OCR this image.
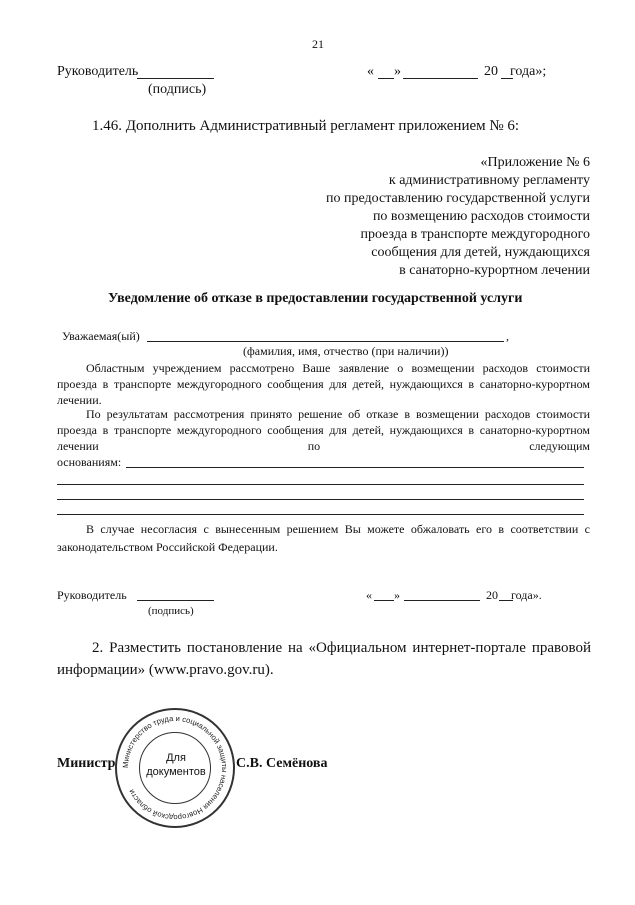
21
Руководитель
(подпись)
« »	20 года»;
1.46. Дополнить Административный регламент приложением № 6:
«Приложение № 6
к административному регламенту
по предоставлению государственной услуги
по возмещению расходов стоимости
проезда в транспорте междугородного
сообщения для детей, нуждающихся
в санаторно-курортном лечении
Уведомление об отказе в предоставлении государственной услуги
Уважаемая(ый)	,
(фамилия, имя, отчество (при наличии))
Областным учреждением рассмотрено Ваше заявление о возмещении расходов стоимости проезда в транспорте междугородного сообщения для детей, нуждающихся в санаторно-курортном лечении.
По результатам рассмотрения принято решение об отказе в возмещении расходов стоимости проезда в транспорте междугородного сообщения для детей, нуждающихся в санаторно-курортном лечении по следующим
основаниям:
В случае несогласия с вынесенным решением Вы можете обжаловать его в соответствии с законодательством Российской Федерации.
Руководитель
(подпись)
« »	20 года».
2. Разместить постановление на «Официальном интернет-портале правовой
информации» (www.pravo.gov.ru).
Министерство труда и социальной защиты населения Новгородской области
Для
документов
Министр	С.В. Семёнова
